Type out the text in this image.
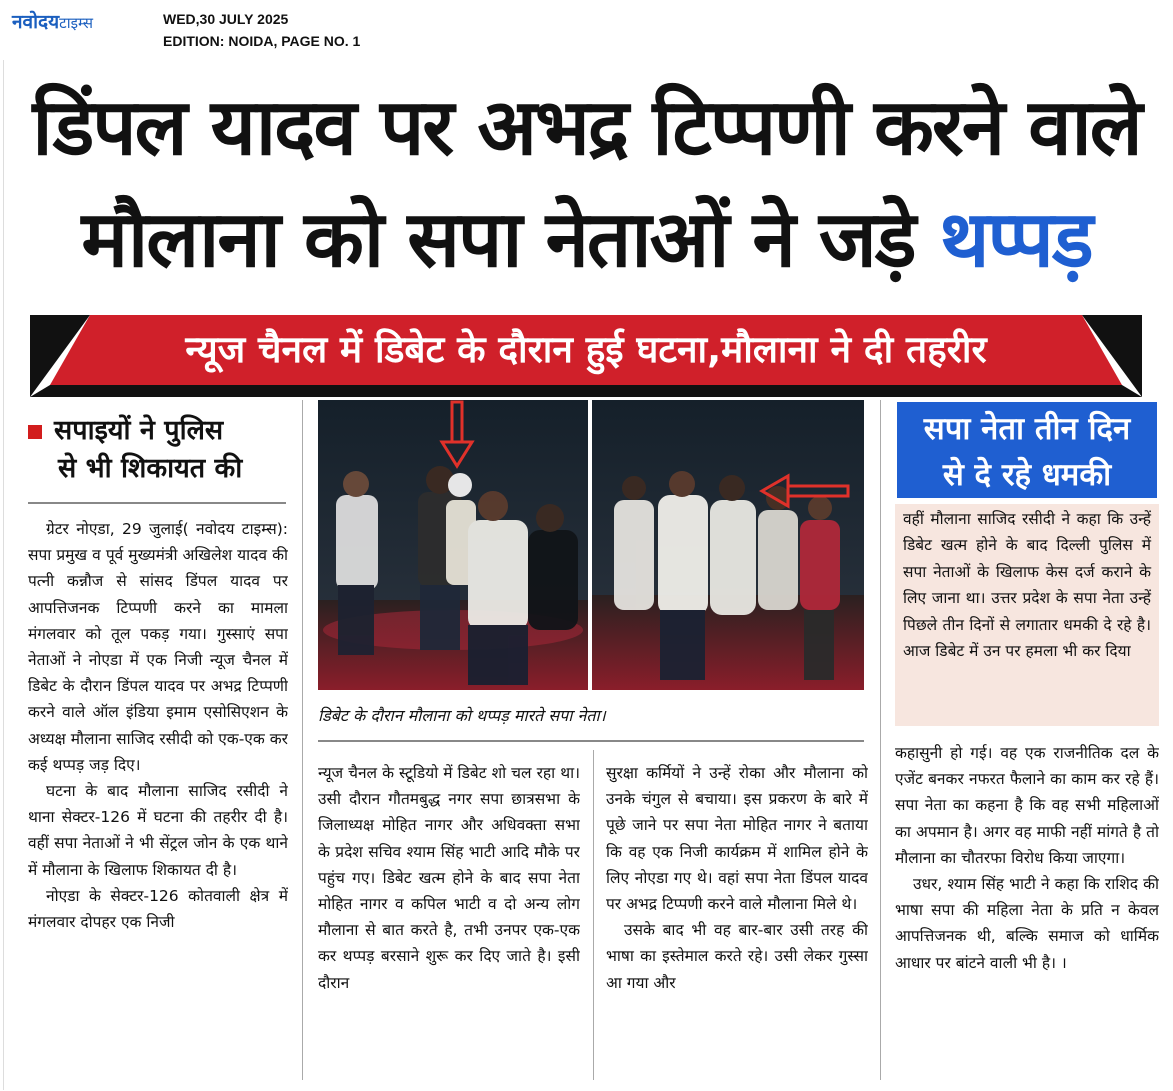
नवोदयटाइम्स	WED,30 JULY 2025
EDITION: NOIDA, PAGE NO. 1
डिंपल यादव पर अभद्र टिप्पणी करने वाले
मौलाना को सपा नेताओं ने जड़े थप्पड़
न्यूज चैनल में डिबेट के दौरान हुई घटना,मौलाना ने दी तहरीर
सपाइयों ने पुलिस
से भी शिकायत की

ग्रेटर नोएडा, 29 जुलाई( नवोदय टाइम्स): सपा प्रमुख व पूर्व मुख्यमंत्री अखिलेश यादव की पत्नी कन्नौज से सांसद डिंपल यादव पर आपत्तिजनक टिप्पणी करने का मामला मंगलवार को तूल पकड़ गया। गुस्साएं सपा नेताओं ने नोएडा में एक निजी न्यूज चैनल में डिबेट के दौरान डिंपल यादव पर अभद्र टिप्पणी करने वाले ऑल इंडिया इमाम एसोसिएशन के अध्यक्ष मौलाना साजिद रसीदी को एक-एक कर कई थप्पड़ जड़ दिए।

घटना के बाद मौलाना साजिद रसीदी ने थाना सेक्टर-126 में घटना की तहरीर दी है। वहीं सपा नेताओं ने भी सेंट्रल जोन के एक थाने में मौलाना के खिलाफ शिकायत दी है।

नोएडा के सेक्टर-126 कोतवाली क्षेत्र में मंगलवार दोपहर एक निजी

डिबेट के दौरान मौलाना को थप्पड़ मारते सपा नेता।

न्यूज चैनल के स्टूडियो में डिबेट शो चल रहा था। उसी दौरान गौतमबुद्ध नगर सपा छात्रसभा के जिलाध्यक्ष मोहित नागर और अधिवक्ता सभा के प्रदेश सचिव श्याम सिंह भाटी आदि मौके पर पहुंच गए। डिबेट खत्म होने के बाद सपा नेता मोहित नागर व कपिल भाटी व दो अन्य लोग मौलाना से बात करते है, तभी उनपर एक-एक कर थप्पड़ बरसाने शुरू कर दिए जाते है। इसी दौरान

सुरक्षा कर्मियों ने उन्हें रोका और मौलाना को उनके चंगुल से बचाया। इस प्रकरण के बारे में पूछे जाने पर सपा नेता मोहित नागर ने बताया कि वह एक निजी कार्यक्रम में शामिल होने के लिए नोएडा गए थे। वहां सपा नेता डिंपल यादव पर अभद्र टिप्पणी करने वाले मौलाना मिले थे।

उसके बाद भी वह बार-बार उसी तरह की भाषा का इस्तेमाल करते रहे। उसी लेकर गुस्सा आ गया और

सपा नेता तीन दिन
से दे रहे धमकी

वहीं मौलाना साजिद रसीदी ने कहा कि उन्हें डिबेट खत्म होने के बाद दिल्ली पुलिस में सपा नेताओं के खिलाफ केस दर्ज कराने के लिए जाना था। उत्तर प्रदेश के सपा नेता उन्हें पिछले तीन दिनों से लगातार धमकी दे रहे है। आज डिबेट में उन पर हमला भी कर दिया

कहासुनी हो गई। वह एक राजनीतिक दल के एजेंट बनकर नफरत फैलाने का काम कर रहे हैं। सपा नेता का कहना है कि वह सभी महिलाओं का अपमान है। अगर वह माफी नहीं मांगते है तो मौलाना का चौतरफा विरोध किया जाएगा।

उधर, श्याम सिंह भाटी ने कहा कि राशिद की भाषा सपा की महिला नेता के प्रति न केवल आपत्तिजनक थी, बल्कि समाज को धार्मिक आधार पर बांटने वाली भी है। ।
